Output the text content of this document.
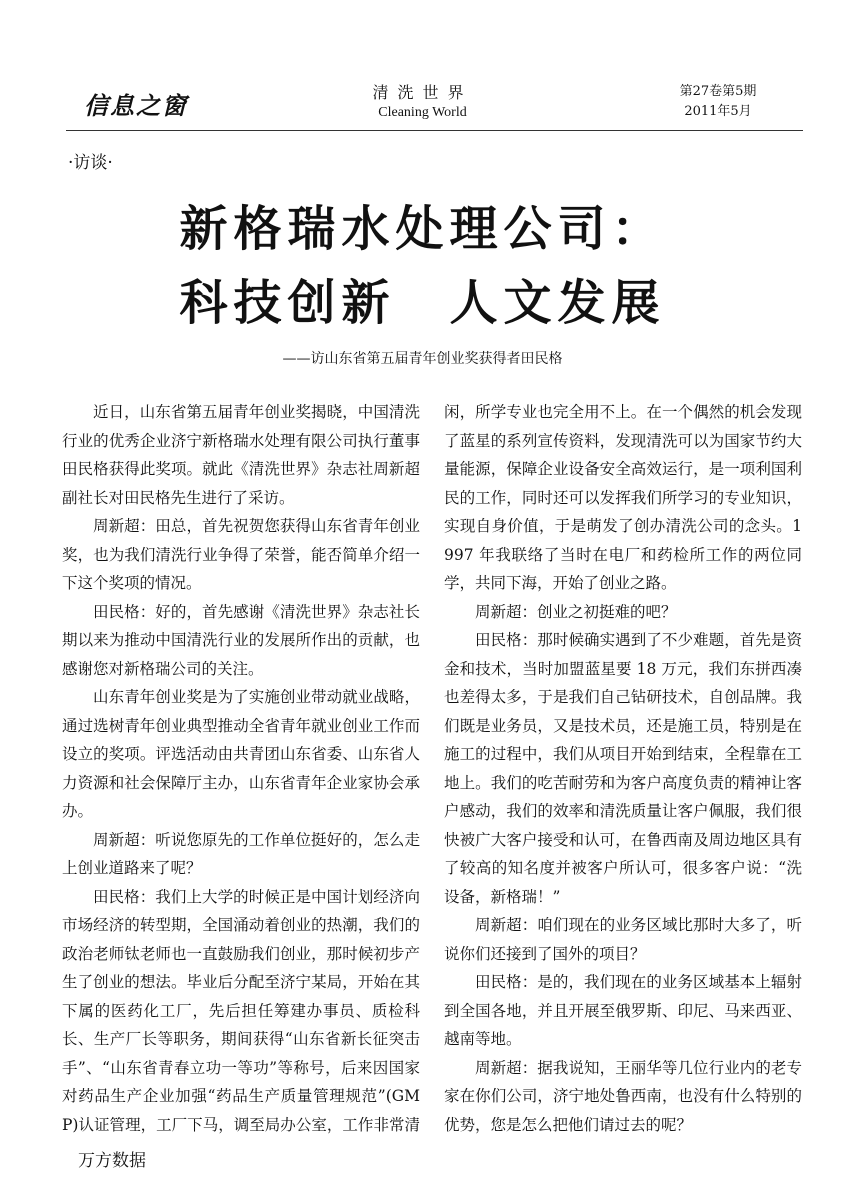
信息之窗	清洗世界
Cleaning World
第27卷第5期
2011年5月
·访谈·
新格瑞水处理公司：
科技创新　人文发展
——访山东省第五届青年创业奖获得者田民格

近日，山东省第五届青年创业奖揭晓，中国清洗行业的优秀企业济宁新格瑞水处理有限公司执行董事田民格获得此奖项。就此《清洗世界》杂志社周新超副社长对田民格先生进行了采访。

周新超：田总，首先祝贺您获得山东省青年创业奖，也为我们清洗行业争得了荣誉，能否简单介绍一下这个奖项的情况。

田民格：好的，首先感谢《清洗世界》杂志社长期以来为推动中国清洗行业的发展所作出的贡献，也感谢您对新格瑞公司的关注。

山东青年创业奖是为了实施创业带动就业战略，通过选树青年创业典型推动全省青年就业创业工作而设立的奖项。评选活动由共青团山东省委、山东省人力资源和社会保障厅主办，山东省青年企业家协会承办。

周新超：听说您原先的工作单位挺好的，怎么走上创业道路来了呢？

田民格：我们上大学的时候正是中国计划经济向市场经济的转型期，全国涌动着创业的热潮，我们的政治老师钛老师也一直鼓励我们创业，那时候初步产生了创业的想法。毕业后分配至济宁某局，开始在其下属的医药化工厂，先后担任筹建办事员、质检科长、生产厂长等职务，期间获得“山东省新长征突击手”、“山东省青春立功一等功”等称号，后来因国家对药品生产企业加强“药品生产质量管理规范”(GMP)认证管理，工厂下马，调至局办公室，工作非常清闲，所学专业也完全用不上。在一个偶然的机会发现了蓝星的系列宣传资料，发现清洗可以为国家节约大量能源，保障企业设备安全高效运行，是一项利国利民的工作，同时还可以发挥我们所学习的专业知识，实现自身价值，于是萌发了创办清洗公司的念头。1997 年我联络了当时在电厂和药检所工作的两位同学，共同下海，开始了创业之路。

周新超：创业之初挺难的吧？

田民格：那时候确实遇到了不少难题，首先是资金和技术，当时加盟蓝星要 18 万元，我们东拼西凑也差得太多，于是我们自己钻研技术，自创品牌。我们既是业务员，又是技术员，还是施工员，特别是在施工的过程中，我们从项目开始到结束，全程靠在工地上。我们的吃苦耐劳和为客户高度负责的精神让客户感动，我们的效率和清洗质量让客户佩服，我们很快被广大客户接受和认可，在鲁西南及周边地区具有了较高的知名度并被客户所认可，很多客户说：“洗设备，新格瑞！”

周新超：咱们现在的业务区域比那时大多了，听说你们还接到了国外的项目？

田民格：是的，我们现在的业务区域基本上辐射到全国各地，并且开展至俄罗斯、印尼、马来西亚、越南等地。

周新超：据我说知，王丽华等几位行业内的老专家在你们公司，济宁地处鲁西南，也没有什么特别的优势，您是怎么把他们请过去的呢？

万方数据
